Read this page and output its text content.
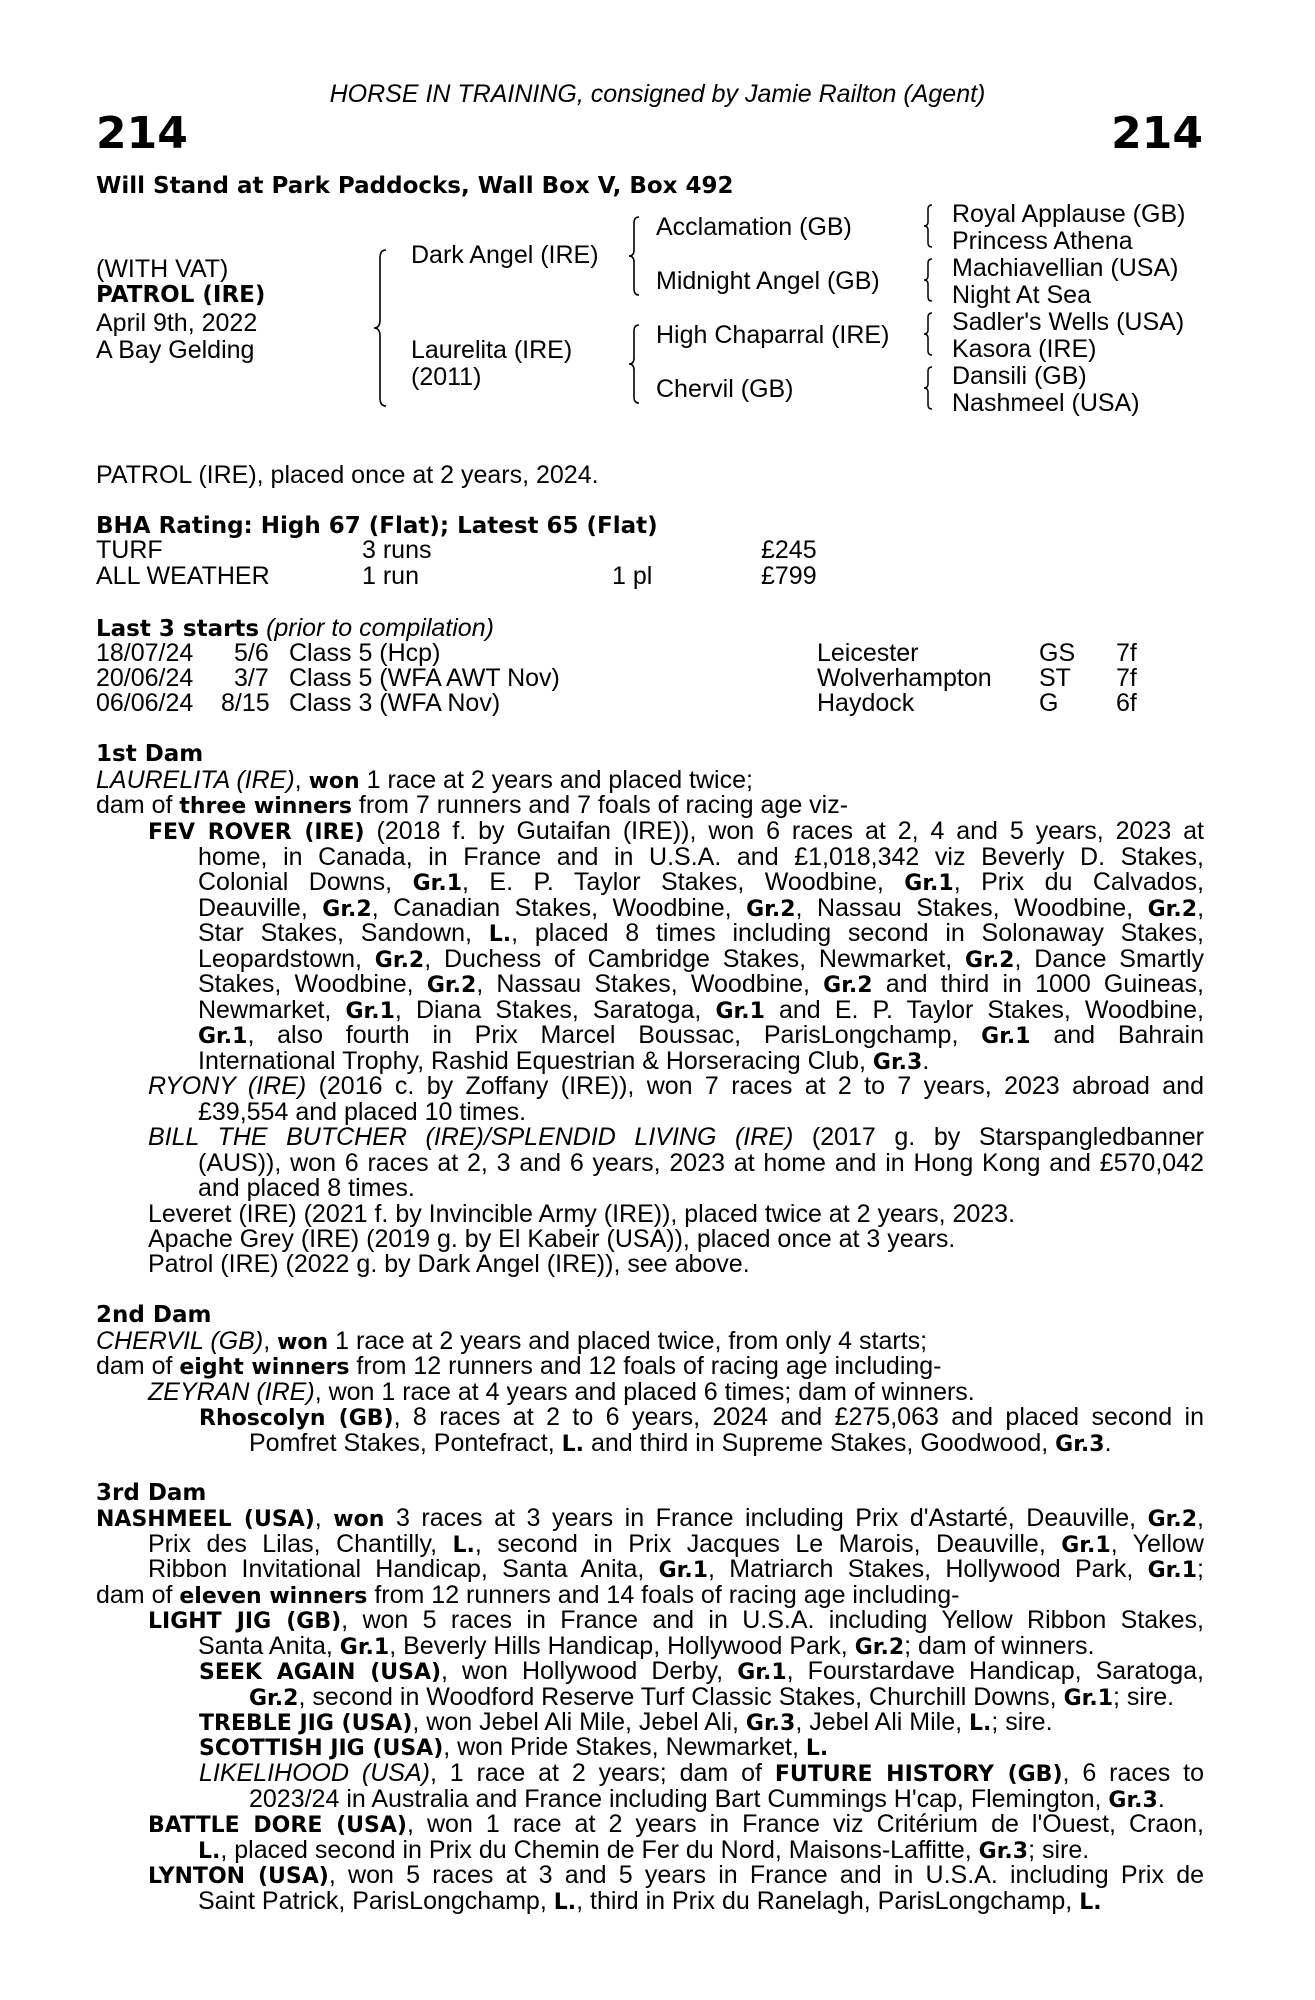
HORSE IN TRAINING, consigned by Jamie Railton (Agent)
214	214
Will Stand at Park Paddocks, Wall Box V, Box 492
(WITH VAT)
PATROL (IRE)
April 9th, 2022
A Bay Gelding
Dark Angel (IRE)
Laurelita (IRE)
(2011)
Acclamation (GB)
Midnight Angel (GB)
High Chaparral (IRE)
Chervil (GB)
Royal Applause (GB)
Princess Athena
Machiavellian (USA)
Night At Sea
Sadler's Wells (USA)
Kasora (IRE)
Dansili (GB)
Nashmeel (USA)
PATROL (IRE), placed once at 2 years, 2024.
BHA Rating: High 67 (Flat); Latest 65 (Flat)
TURF	3 runs	£245
ALL WEATHER	1 run	1 pl	£799
Last 3 starts (prior to compilation)
18/07/24 5/6 Class 5 (Hcp)	Leicester	GS 7f
20/06/24 3/7 Class 5 (WFA AWT Nov)	Wolverhampton ST 7f
06/06/24 8/15 Class 3 (WFA Nov)	Haydock	G 6f
1st Dam
LAURELITA (IRE), won 1 race at 2 years and placed twice;
dam of three winners from 7 runners and 7 foals of racing age viz-
FEV ROVER (IRE) (2018 f. by Gutaifan (IRE)), won 6 races at 2, 4 and 5 years, 2023 at
home, in Canada, in France and in U.S.A. and £1,018,342 viz Beverly D. Stakes,
Colonial Downs, Gr.1, E. P. Taylor Stakes, Woodbine, Gr.1, Prix du Calvados,
Deauville, Gr.2, Canadian Stakes, Woodbine, Gr.2, Nassau Stakes, Woodbine, Gr.2,
Star Stakes, Sandown, L., placed 8 times including second in Solonaway Stakes,
Leopardstown, Gr.2, Duchess of Cambridge Stakes, Newmarket, Gr.2, Dance Smartly
Stakes, Woodbine, Gr.2, Nassau Stakes, Woodbine, Gr.2 and third in 1000 Guineas,
Newmarket, Gr.1, Diana Stakes, Saratoga, Gr.1 and E. P. Taylor Stakes, Woodbine,
Gr.1, also fourth in Prix Marcel Boussac, ParisLongchamp, Gr.1 and Bahrain
International Trophy, Rashid Equestrian & Horseracing Club, Gr.3.
RYONY (IRE) (2016 c. by Zoffany (IRE)), won 7 races at 2 to 7 years, 2023 abroad and
£39,554 and placed 10 times.
BILL THE BUTCHER (IRE)/SPLENDID LIVING (IRE) (2017 g. by Starspangledbanner
(AUS)), won 6 races at 2, 3 and 6 years, 2023 at home and in Hong Kong and £570,042
and placed 8 times.
Leveret (IRE) (2021 f. by Invincible Army (IRE)), placed twice at 2 years, 2023.
Apache Grey (IRE) (2019 g. by El Kabeir (USA)), placed once at 3 years.
Patrol (IRE) (2022 g. by Dark Angel (IRE)), see above.
2nd Dam
CHERVIL (GB), won 1 race at 2 years and placed twice, from only 4 starts;
dam of eight winners from 12 runners and 12 foals of racing age including-
ZEYRAN (IRE), won 1 race at 4 years and placed 6 times; dam of winners.
Rhoscolyn (GB), 8 races at 2 to 6 years, 2024 and £275,063 and placed second in
Pomfret Stakes, Pontefract, L. and third in Supreme Stakes, Goodwood, Gr.3.
3rd Dam
NASHMEEL (USA), won 3 races at 3 years in France including Prix d'Astarté, Deauville, Gr.2,
Prix des Lilas, Chantilly, L., second in Prix Jacques Le Marois, Deauville, Gr.1, Yellow
Ribbon Invitational Handicap, Santa Anita, Gr.1, Matriarch Stakes, Hollywood Park, Gr.1;
dam of eleven winners from 12 runners and 14 foals of racing age including-
LIGHT JIG (GB), won 5 races in France and in U.S.A. including Yellow Ribbon Stakes,
Santa Anita, Gr.1, Beverly Hills Handicap, Hollywood Park, Gr.2; dam of winners.
SEEK AGAIN (USA), won Hollywood Derby, Gr.1, Fourstardave Handicap, Saratoga,
Gr.2, second in Woodford Reserve Turf Classic Stakes, Churchill Downs, Gr.1; sire.
TREBLE JIG (USA), won Jebel Ali Mile, Jebel Ali, Gr.3, Jebel Ali Mile, L.; sire.
SCOTTISH JIG (USA), won Pride Stakes, Newmarket, L.
LIKELIHOOD (USA), 1 race at 2 years; dam of FUTURE HISTORY (GB), 6 races to
2023/24 in Australia and France including Bart Cummings H'cap, Flemington, Gr.3.
BATTLE DORE (USA), won 1 race at 2 years in France viz Critérium de l'Ouest, Craon,
L., placed second in Prix du Chemin de Fer du Nord, Maisons-Laffitte, Gr.3; sire.
LYNTON (USA), won 5 races at 3 and 5 years in France and in U.S.A. including Prix de
Saint Patrick, ParisLongchamp, L., third in Prix du Ranelagh, ParisLongchamp, L.
